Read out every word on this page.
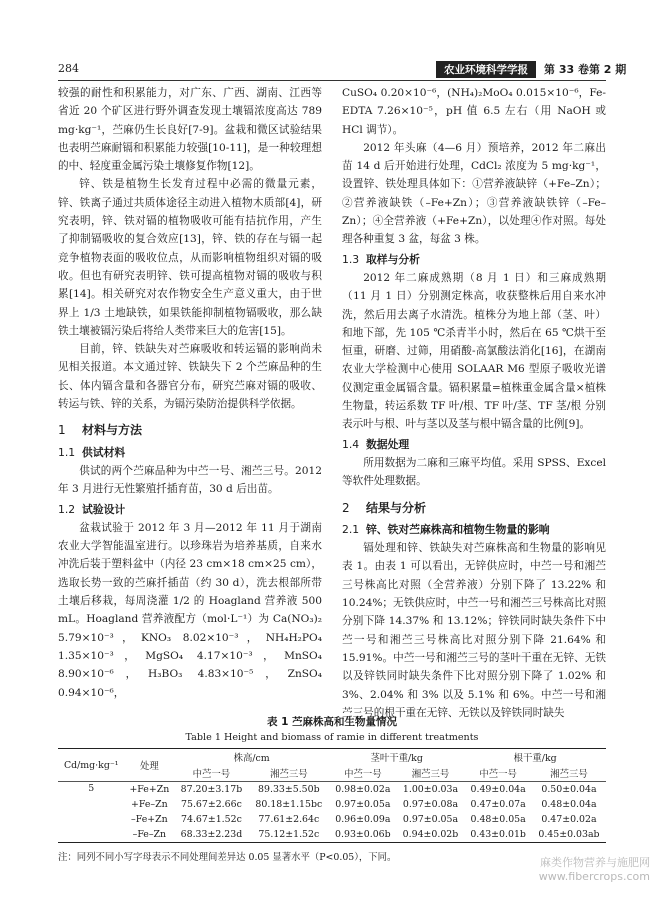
284	农业环境科学学报	第 33 卷第 2 期

较强的耐性和积累能力，对广东、广西、湖南、江西等省近 20 个矿区进行野外调查发现土壤镉浓度高达 789 mg·kg⁻¹，苎麻仍生长良好[7-9]。盆栽和微区试验结果也表明苎麻耐镉和积累能力较强[10-11]，是一种较理想的中、轻度重金属污染土壤修复作物[12]。

锌、铁是植物生长发育过程中必需的微量元素，锌、铁离子通过共质体途径主动进入植物木质部[4]，研究表明，锌、铁对镉的植物吸收可能有拮抗作用，产生了抑制镉吸收的复合效应[13]，锌、铁的存在与镉一起竞争植物表面的吸收位点，从而影响植物组织对镉的吸收。但也有研究表明锌、铁可提高植物对镉的吸收与积累[14]。相关研究对农作物安全生产意义重大，由于世界上 1/3 土地缺铁，如果铁能抑制植物镉吸收，那么缺铁土壤被镉污染后将给人类带来巨大的危害[15]。

目前，锌、铁缺失对苎麻吸收和转运镉的影响尚未见相关报道。本文通过锌、铁缺失下 2 个苎麻品种的生长、体内镉含量和各器官分布，研究苎麻对镉的吸收、转运与铁、锌的关系，为镉污染防治提供科学依据。

1 材料与方法
1.1 供试材料

供试的两个苎麻品种为中苎一号、湘苎三号。2012 年 3 月进行无性繁殖扦插育苗，30 d 后出苗。

1.2 试验设计

盆栽试验于 2012 年 3 月—2012 年 11 月于湖南农业大学智能温室进行。以珍珠岩为培养基质，自来水冲洗后装于塑料盆中（内径 23 cm×18 cm×25 cm），选取长势一致的苎麻扦插苗（约 30 d），洗去根部所带土壤后移栽，每周浇灌 1/2 的 Hoagland 营养液 500 mL。Hoagland 营养液配方（mol·L⁻¹）为 Ca(NO₃)₂ 5.79×10⁻³，KNO₃ 8.02×10⁻³，NH₄H₂PO₄ 1.35×10⁻³，MgSO₄ 4.17×10⁻³，MnSO₄ 8.90×10⁻⁶，H₃BO₃ 4.83×10⁻⁵，ZnSO₄ 0.94×10⁻⁶，

CuSO₄ 0.20×10⁻⁶，(NH₄)₂MoO₄ 0.015×10⁻⁶，Fe-EDTA 7.26×10⁻⁵，pH 值 6.5 左右（用 NaOH 或 HCl 调节）。

2012 年头麻（4—6 月）预培养，2012 年二麻出苗 14 d 后开始进行处理，CdCl₂ 浓度为 5 mg·kg⁻¹，设置锌、铁处理具体如下：①营养液缺锌（+Fe–Zn）；②营养液缺铁（–Fe+Zn）；③营养液缺铁锌（–Fe–Zn）；④全营养液（+Fe+Zn），以处理④作对照。每处理各种重复 3 盆，每盆 3 株。

1.3 取样与分析

2012 年二麻成熟期（8 月 1 日）和三麻成熟期（11 月 1 日）分别测定株高，收获整株后用自来水冲洗，然后用去离子水清洗。植株分为地上部（茎、叶）和地下部，先 105 ℃杀青半小时，然后在 65 ℃烘干至恒重，研磨、过筛，用硝酸-高氯酸法消化[16]，在湖南农业大学检测中心使用 SOLAAR M6 型原子吸收光谱仪测定重金属镉含量。镉积累量=植株重金属含量×植株生物量，转运系数 TF 叶/根、TF 叶/茎、TF 茎/根 分别表示叶与根、叶与茎以及茎与根中镉含量的比例[9]。

1.4 数据处理

所用数据为二麻和三麻平均值。采用 SPSS、Excel 等软件处理数据。

2 结果与分析
2.1 锌、铁对苎麻株高和植物生物量的影响

镉处理和锌、铁缺失对苎麻株高和生物量的影响见表 1。由表 1 可以看出，无锌供应时，中苎一号和湘苎三号株高比对照（全营养液）分别下降了 13.22% 和 10.24%；无铁供应时，中苎一号和湘苎三号株高比对照分别下降 14.37% 和 13.12%；锌铁同时缺失条件下中苎一号和湘苎三号株高比对照分别下降 21.64% 和 15.91%。中苎一号和湘苎三号的茎叶干重在无锌、无铁以及锌铁同时缺失条件下比对照分别下降了 1.02% 和 3%、2.04% 和 3% 以及 5.1% 和 6%。中苎一号和湘苎三号的根干重在无锌、无铁以及锌铁同时缺失

表 1 苎麻株高和生物量情况
Table 1 Height and biomass of ramie in different treatments
Cd/mg·kg⁻¹	处理	株高/cm		茎叶干重/kg		根干重/kg	
		中苎一号	湘苎三号	中苎一号	湘苎三号	中苎一号	湘苎三号
5	+Fe+Zn	87.20±3.17b	89.33±5.50b	0.98±0.02a	1.00±0.03a	0.49±0.04a	0.50±0.04a
	+Fe–Zn	75.67±2.66c	80.18±1.15bc	0.97±0.05a	0.97±0.08a	0.47±0.07a	0.48±0.04a
	–Fe+Zn	74.67±1.52c	77.61±2.64c	0.96±0.09a	0.97±0.05a	0.48±0.05a	0.47±0.02a
	–Fe–Zn	68.33±2.23d	75.12±1.52c	0.93±0.06b	0.94±0.02b	0.43±0.01b	0.45±0.03ab
注：同列不同小写字母表示不同处理间差异达 0.05 显著水平（P<0.05），下同。	麻类作物营养与施肥网
www.fibercrops.com
